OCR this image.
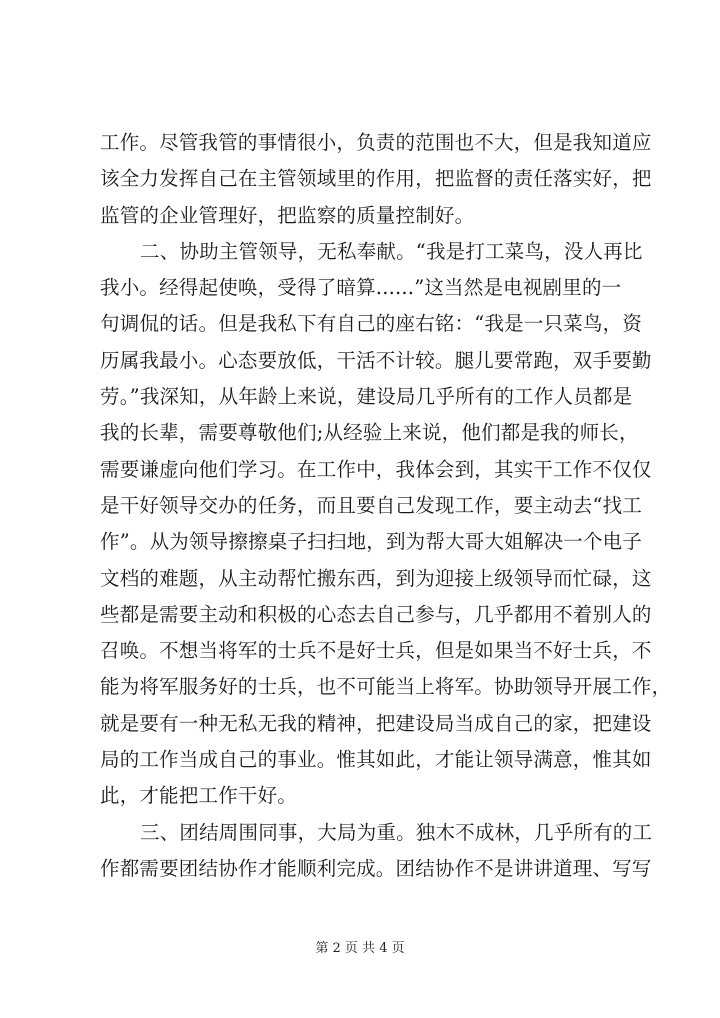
工作。尽管我管的事情很小，负责的范围也不大，但是我知道应
该全力发挥自己在主管领域里的作用，把监督的责任落实好，把
监管的企业管理好，把监察的质量控制好。
二、协助主管领导，无私奉献。“我是打工菜鸟，没人再比
我小。经得起使唤，受得了暗算......”这当然是电视剧里的一
句调侃的话。但是我私下有自己的座右铭：“我是一只菜鸟，资
历属我最小。心态要放低，干活不计较。腿儿要常跑，双手要勤
劳。”我深知，从年龄上来说，建设局几乎所有的工作人员都是
我的长辈，需要尊敬他们;从经验上来说，他们都是我的师长，
需要谦虚向他们学习。在工作中，我体会到，其实干工作不仅仅
是干好领导交办的任务，而且要自己发现工作，要主动去“找工
作”。从为领导擦擦桌子扫扫地，到为帮大哥大姐解决一个电子
文档的难题，从主动帮忙搬东西，到为迎接上级领导而忙碌，这
些都是需要主动和积极的心态去自己参与，几乎都用不着别人的
召唤。不想当将军的士兵不是好士兵，但是如果当不好士兵，不
能为将军服务好的士兵，也不可能当上将军。协助领导开展工作，
就是要有一种无私无我的精神，把建设局当成自己的家，把建设
局的工作当成自己的事业。惟其如此，才能让领导满意，惟其如
此，才能把工作干好。
三、团结周围同事，大局为重。独木不成林，几乎所有的工
作都需要团结协作才能顺利完成。团结协作不是讲讲道理、写写
第 2 页 共 4 页
